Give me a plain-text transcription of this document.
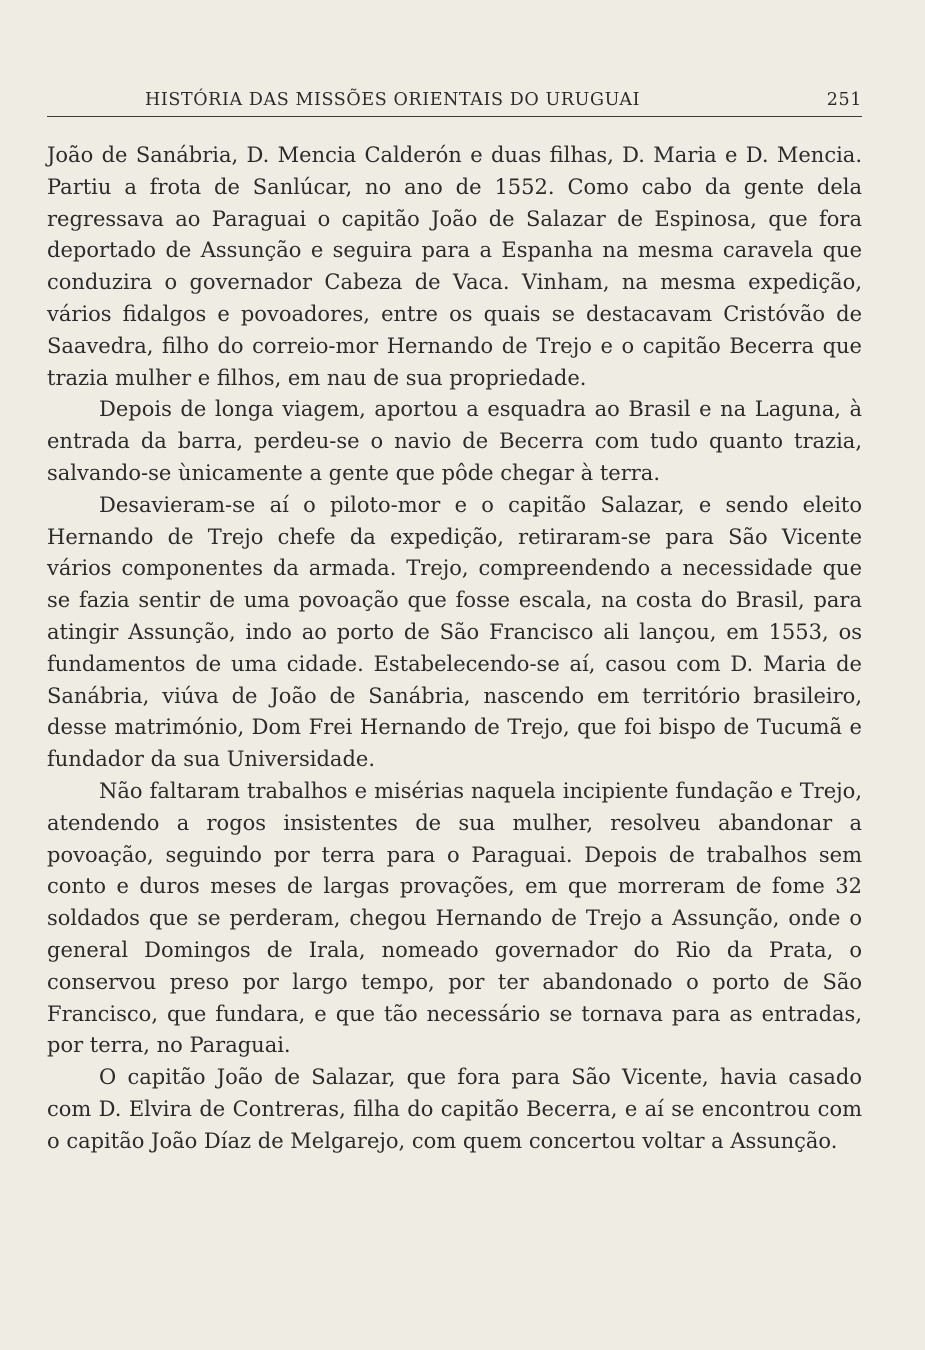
HISTÓRIA DAS MISSÕES ORIENTAIS DO URUGUAI	251

João de Sanábria, D. Mencia Calderón e duas filhas, D. Maria e D. Mencia. Partiu a frota de Sanlúcar, no ano de 1552. Como cabo da gente dela regressava ao Paraguai o capitão João de Salazar de Espinosa, que fora deportado de Assunção e seguira para a Espanha na mesma caravela que conduzira o governador Cabeza de Vaca. Vinham, na mesma expedição, vários fidalgos e povoadores, entre os quais se destacavam Cristóvão de Saavedra, filho do correio-mor Hernando de Trejo e o capitão Becerra que trazia mulher e filhos, em nau de sua propriedade.

Depois de longa viagem, aportou a esquadra ao Brasil e na Laguna, à entrada da barra, perdeu-se o navio de Becerra com tudo quanto trazia, salvando-se ùnicamente a gente que pôde chegar à terra.

Desavieram-se aí o piloto-mor e o capitão Salazar, e sendo eleito Hernando de Trejo chefe da expedição, retiraram-se para São Vicente vários componentes da armada. Trejo, compreendendo a necessidade que se fazia sentir de uma povoação que fosse escala, na costa do Brasil, para atingir Assunção, indo ao porto de São Francisco ali lançou, em 1553, os fundamentos de uma cidade. Estabelecendo-se aí, casou com D. Maria de Sanábria, viúva de João de Sanábria, nascendo em território brasileiro, desse matrimónio, Dom Frei Hernando de Trejo, que foi bispo de Tucumã e fundador da sua Universidade.

Não faltaram trabalhos e misérias naquela incipiente fundação e Trejo, atendendo a rogos insistentes de sua mulher, resolveu abandonar a povoação, seguindo por terra para o Paraguai. Depois de trabalhos sem conto e duros meses de largas provações, em que morreram de fome 32 soldados que se perderam, chegou Hernando de Trejo a Assunção, onde o general Domingos de Irala, nomeado governador do Rio da Prata, o conservou preso por largo tempo, por ter abandonado o porto de São Francisco, que fundara, e que tão necessário se tornava para as entradas, por terra, no Paraguai.

O capitão João de Salazar, que fora para São Vicente, havia casado com D. Elvira de Contreras, filha do capitão Becerra, e aí se encontrou com o capitão João Díaz de Melgarejo, com quem concertou voltar a Assunção.
